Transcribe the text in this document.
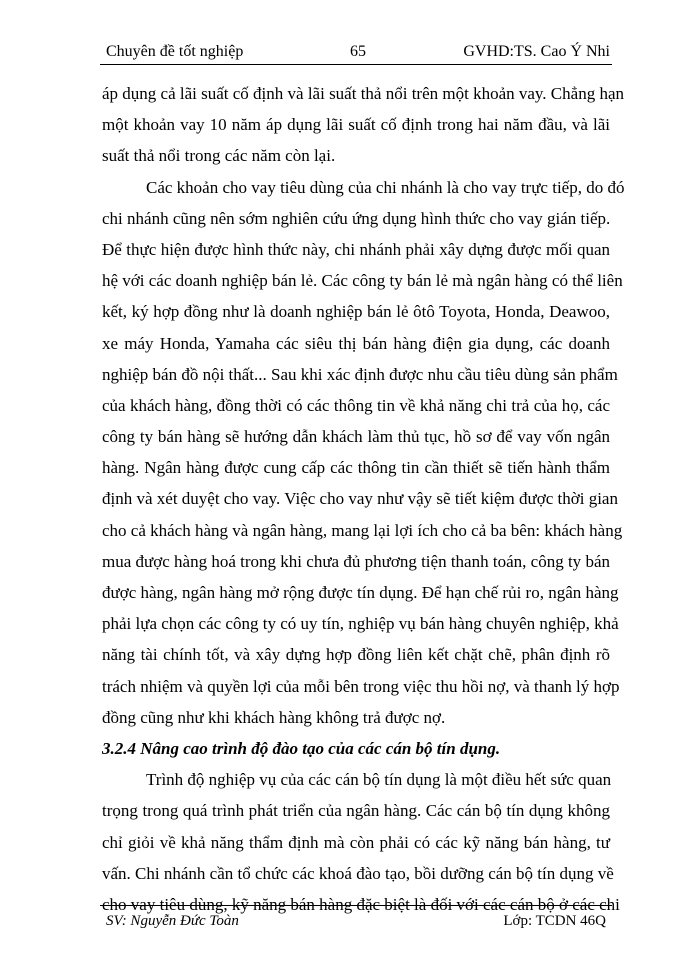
Chuyên đề tốt nghiệp	65	GVHD:TS. Cao Ý Nhi
áp dụng cả lãi suất cố định và lãi suất thả nổi trên một khoản vay. Chẳng hạn
một khoản vay 10 năm áp dụng lãi suất cố định trong hai năm đầu, và lãi
suất thả nổi trong các năm còn lại.
Các khoản cho vay tiêu dùng của chi nhánh là cho vay trực tiếp, do đó
chi nhánh cũng nên sớm nghiên cứu ứng dụng hình thức cho vay gián tiếp.
Để thực hiện được hình thức này, chi nhánh phải xây dựng được mối quan
hệ với các doanh nghiệp bán lẻ. Các công ty bán lẻ mà ngân hàng có thể liên
kết, ký hợp đồng như là doanh nghiệp bán lẻ ôtô Toyota, Honda, Deawoo,
xe máy Honda, Yamaha các siêu thị bán hàng điện gia dụng, các doanh
nghiệp bán đồ nội thất... Sau khi xác định được nhu cầu tiêu dùng sản phẩm
của khách hàng, đồng thời có các thông tin về khả năng chi trả của họ, các
công ty bán hàng sẽ hướng dẫn khách làm thủ tục, hồ sơ để vay vốn ngân
hàng. Ngân hàng được cung cấp các thông tin cần thiết sẽ tiến hành thẩm
định và xét duyệt cho vay. Việc cho vay như vậy sẽ tiết kiệm được thời gian
cho cả khách hàng và ngân hàng, mang lại lợi ích cho cả ba bên: khách hàng
mua được hàng hoá trong khi chưa đủ phương tiện thanh toán, công ty bán
được hàng, ngân hàng mở rộng được tín dụng. Để hạn chế rủi ro, ngân hàng
phải lựa chọn các công ty có uy tín, nghiệp vụ bán hàng chuyên nghiệp, khả
năng tài chính tốt, và xây dựng hợp đồng liên kết chặt chẽ, phân định rõ
trách nhiệm và quyền lợi của mỗi bên trong việc thu hồi nợ, và thanh lý hợp
đồng cũng như khi khách hàng không trả được nợ.
3.2.4 Nâng cao trình độ đào tạo của các cán bộ tín dụng.
Trình độ nghiệp vụ của các cán bộ tín dụng là một điều hết sức quan
trọng trong quá trình phát triển của ngân hàng. Các cán bộ tín dụng không
chỉ giỏi về khả năng thẩm định mà còn phải có các kỹ năng bán hàng, tư
vấn. Chi nhánh cần tổ chức các khoá đào tạo, bồi dưỡng cán bộ tín dụng về
cho vay tiêu dùng, kỹ năng bán hàng đặc biệt là đối với các cán bộ ở các chi
SV: Nguyễn Đức Toàn	Lớp: TCDN 46Q
